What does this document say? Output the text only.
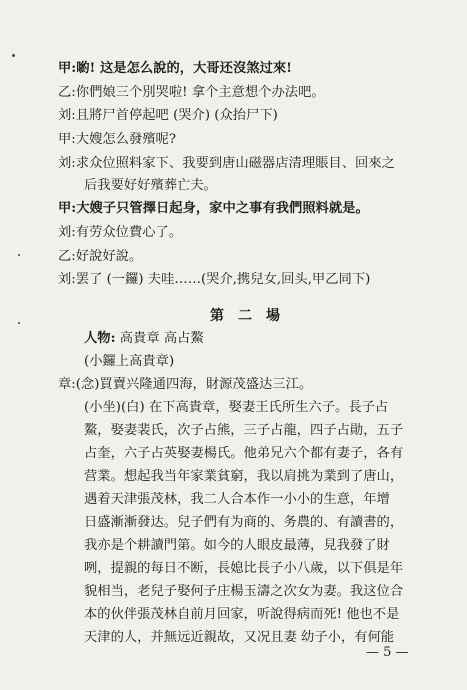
甲:喲! 这是怎么說的，大哥还沒煞过來!
乙:你們娘三个別哭啦! 拿个主意想个办法吧。
刘:且將尸首停起吧 (哭介) (众抬尸下)
甲:大嫂怎么發殯呢?
刘:求众位照料家下、我要到唐山磁器店清理賬目、回來之
后我要好好殯葬亡夫。
甲:大嫂子只管擇日起身，家中之事有我們照料就是。
刘:有劳众位費心了。
乙:好說好說。
刘:罢了 (一鑼) 夫哇……(哭介,携兒女,回头,甲乙同下)
第二場
人物: 高貴章 高占鰲
(小鑼上高貴章)
章:(念)買賣兴隆通四海，財源茂盛达三江。
(小坐)(白) 在下高貴章，娶妻王氏所生六子。長子占
鰲，娶妻裴氏，次子占熊，三子占龍，四子占勛，五子
占奎，六子占英娶妻楊氏。他弟兄六个都有妻子，各有
营業。想起我当年家業貧窮，我以肩挑为業到了唐山，
遇着天津張茂林，我二人合本作一小小的生意，年增
日盛漸漸發达。兒子們有为商的、务農的、有讀書的，
我亦是个耕讀門第。如今的人眼皮最薄，見我發了財
咧，提親的每日不断，長媳比長子小八歲，以下俱是年
貌相当，老兒子娶何子庄楊玉濤之次女为妻。我这位合
本的伙伴張茂林自前月回家，听說得病而死! 他也不是
天津的人，并無远近親故，又况且妻 幼子小，有何能
— 5 —
